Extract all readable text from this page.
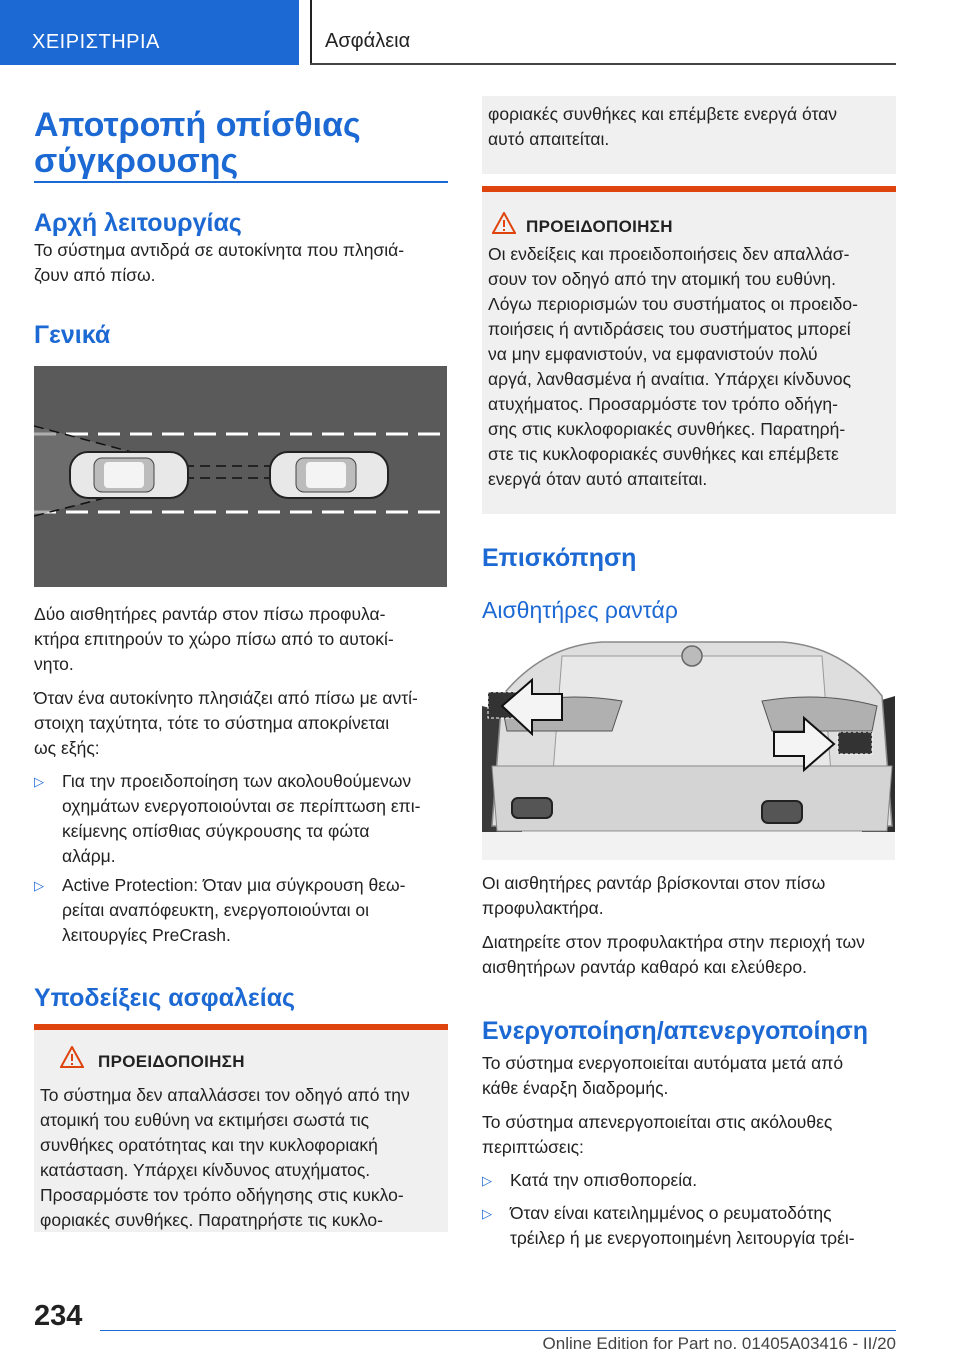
ΧΕΙΡΙΣΤΗΡΙΑ	Ασφάλεια
Αποτροπή οπίσθιας
σύγκρουσης
Αρχή λειτουργίας
Το σύστημα αντιδρά σε αυτοκίνητα που πλησιά-
ζουν από πίσω.
Γενικά
Δύο αισθητήρες ραντάρ στον πίσω προφυλα-
κτήρα επιτηρούν το χώρο πίσω από το αυτοκί-
νητο.
Όταν ένα αυτοκίνητο πλησιάζει από πίσω με αντί-
στοιχη ταχύτητα, τότε το σύστημα αποκρίνεται
ως εξής:
▷ Για την προειδοποίηση των ακολουθούμενων
οχημάτων ενεργοποιούνται σε περίπτωση επι-
κείμενης οπίσθιας σύγκρουσης τα φώτα
αλάρμ.
▷ Active Protection: Όταν μια σύγκρουση θεω-
ρείται αναπόφευκτη, ενεργοποιούνται οι
λειτουργίες PreCrash.
Υποδείξεις ασφαλείας
ΠΡΟΕΙΔΟΠΟΙΗΣΗ
Το σύστημα δεν απαλλάσσει τον οδηγό από την
ατομική του ευθύνη να εκτιμήσει σωστά τις
συνθήκες ορατότητας και την κυκλοφοριακή
κατάσταση. Υπάρχει κίνδυνος ατυχήματος.
Προσαρμόστε τον τρόπο οδήγησης στις κυκλο-
φοριακές συνθήκες. Παρατηρήστε τις κυκλο-
φοριακές συνθήκες και επέμβετε ενεργά όταν
αυτό απαιτείται.
ΠΡΟΕΙΔΟΠΟΙΗΣΗ
Οι ενδείξεις και προειδοποιήσεις δεν απαλλάσ-
σουν τον οδηγό από την ατομική του ευθύνη.
Λόγω περιορισμών του συστήματος οι προειδο-
ποιήσεις ή αντιδράσεις του συστήματος μπορεί
να μην εμφανιστούν, να εμφανιστούν πολύ
αργά, λανθασμένα ή αναίτια. Υπάρχει κίνδυνος
ατυχήματος. Προσαρμόστε τον τρόπο οδήγη-
σης στις κυκλοφοριακές συνθήκες. Παρατηρή-
στε τις κυκλοφοριακές συνθήκες και επέμβετε
ενεργά όταν αυτό απαιτείται.
Επισκόπηση
Αισθητήρες ραντάρ
Οι αισθητήρες ραντάρ βρίσκονται στον πίσω
προφυλακτήρα.
Διατηρείτε στον προφυλακτήρα στην περιοχή των
αισθητήρων ραντάρ καθαρό και ελεύθερο.
Ενεργοποίηση/απενεργοποίηση
Το σύστημα ενεργοποιείται αυτόματα μετά από
κάθε έναρξη διαδρομής.
Το σύστημα απενεργοποιείται στις ακόλουθες
περιπτώσεις:
▷ Κατά την οπισθοπορεία.
▷ Όταν είναι κατειλημμένος ο ρευματοδότης
τρέιλερ ή με ενεργοποιημένη λειτουργία τρέι-
234
Online Edition for Part no. 01405A03416 - II/20
